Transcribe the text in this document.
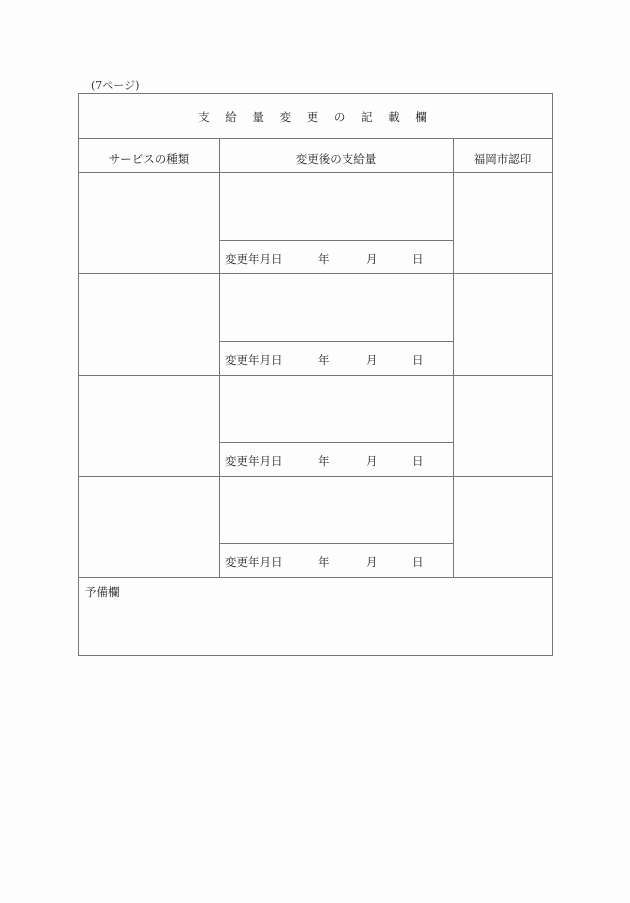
(7ページ)
支 給 量 変 更 の 記 載 欄
サービスの種類	変更後の支給量	福岡市認印
変更年月日	年	月	日
変更年月日	年	月	日
変更年月日	年	月	日
変更年月日	年	月	日
予備欄
